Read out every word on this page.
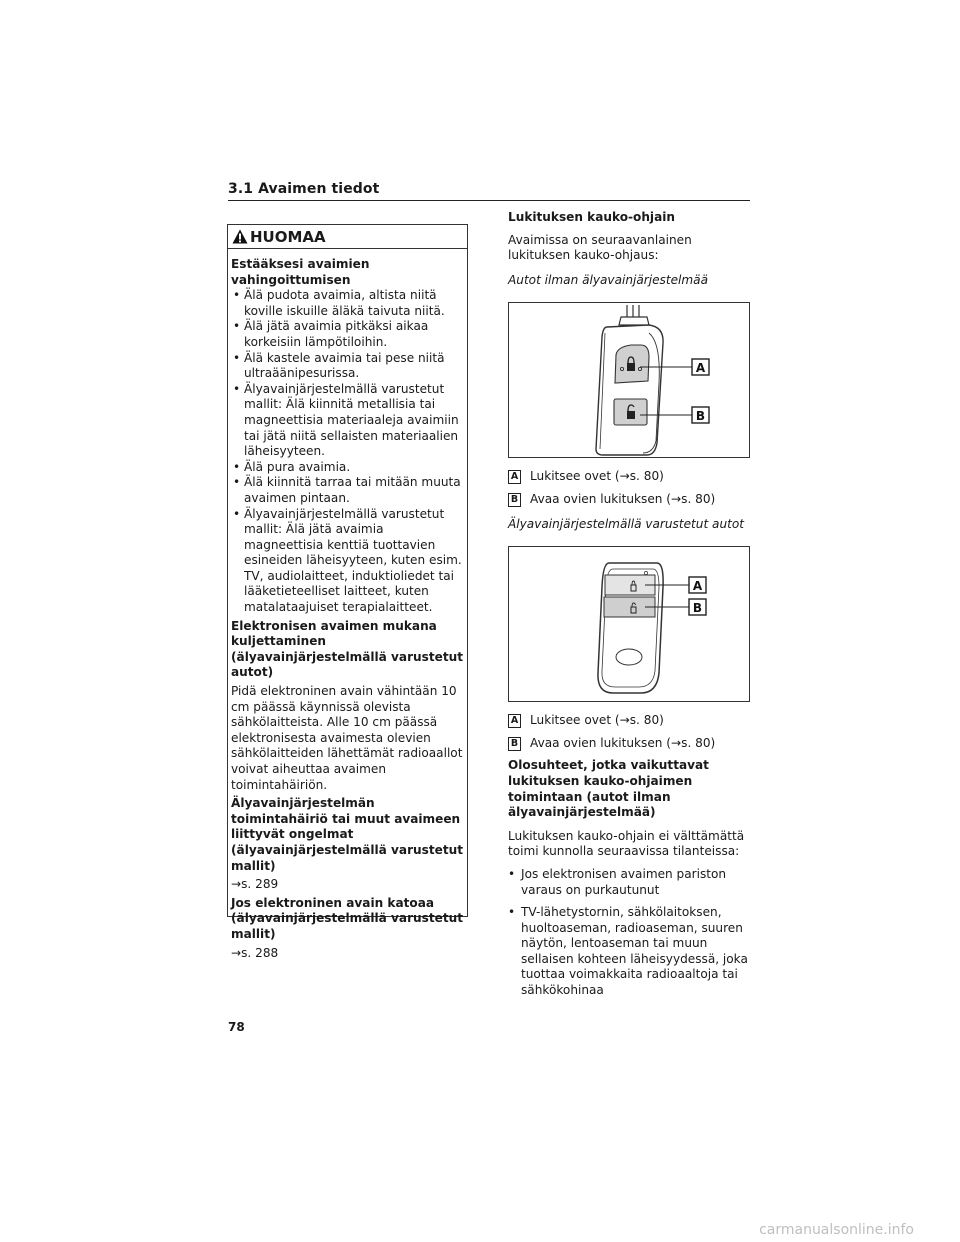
3.1 Avaimen tiedot
HUOMAA
Estääksesi avaimien vahingoittumisen
• Älä pudota avaimia, altista niitä koville iskuille äläkä taivuta niitä.
• Älä jätä avaimia pitkäksi aikaa korkeisiin lämpötiloihin.
• Älä kastele avaimia tai pese niitä ultraäänipesurissa.
• Älyavainjärjestelmällä varustetut mallit: Älä kiinnitä metallisia tai magneettisia materiaaleja avaimiin tai jätä niitä sellaisten materiaalien läheisyyteen.
• Älä pura avaimia.
• Älä kiinnitä tarraa tai mitään muuta avaimen pintaan.
• Älyavainjärjestelmällä varustetut mallit: Älä jätä avaimia magneettisia kenttiä tuottavien esineiden läheisyyteen, kuten esim. TV, audiolaitteet, induktioliedet tai lääketieteelliset laitteet, kuten matalataajuiset terapialaitteet.
Elektronisen avaimen mukana kuljettaminen (älyavainjärjestelmällä varustetut autot)

Pidä elektroninen avain vähintään 10 cm päässä käynnissä olevista sähkölaitteista. Alle 10 cm päässä elektronisesta avaimesta olevien sähkölaitteiden lähettämät radioaallot voivat aiheuttaa avaimen toimintahäiriön.

Älyavainjärjestelmän toimintahäiriö tai muut avaimeen liittyvät ongelmat (älyavainjärjestelmällä varustetut mallit)

→s. 289

Jos elektroninen avain katoaa (älyavainjärjestelmällä varustetut mallit)

→s. 288

Lukituksen kauko-ohjain

Avaimissa on seuraavanlainen lukituksen kauko-ohjaus:

Autot ilman älyavainjärjestelmää

A
B
A Lukitsee ovet (→s. 80)
B Avaa ovien lukituksen (→s. 80)

Älyavainjärjestelmällä varustetut autot

A
B
A Lukitsee ovet (→s. 80)
B Avaa ovien lukituksen (→s. 80)
Olosuhteet, jotka vaikuttavat lukituksen kauko-ohjaimen toimintaan (autot ilman älyavainjärjestelmää)

Lukituksen kauko-ohjain ei välttämättä toimi kunnolla seuraavissa tilanteissa:

• Jos elektronisen avaimen pariston varaus on purkautunut
• TV-lähetystornin, sähkölaitoksen, huoltoaseman, radioaseman, suuren näytön, lentoaseman tai muun sellaisen kohteen läheisyydessä, joka tuottaa voimakkaita radioaaltoja tai sähkökohinaa
78
carmanualsonline.info
